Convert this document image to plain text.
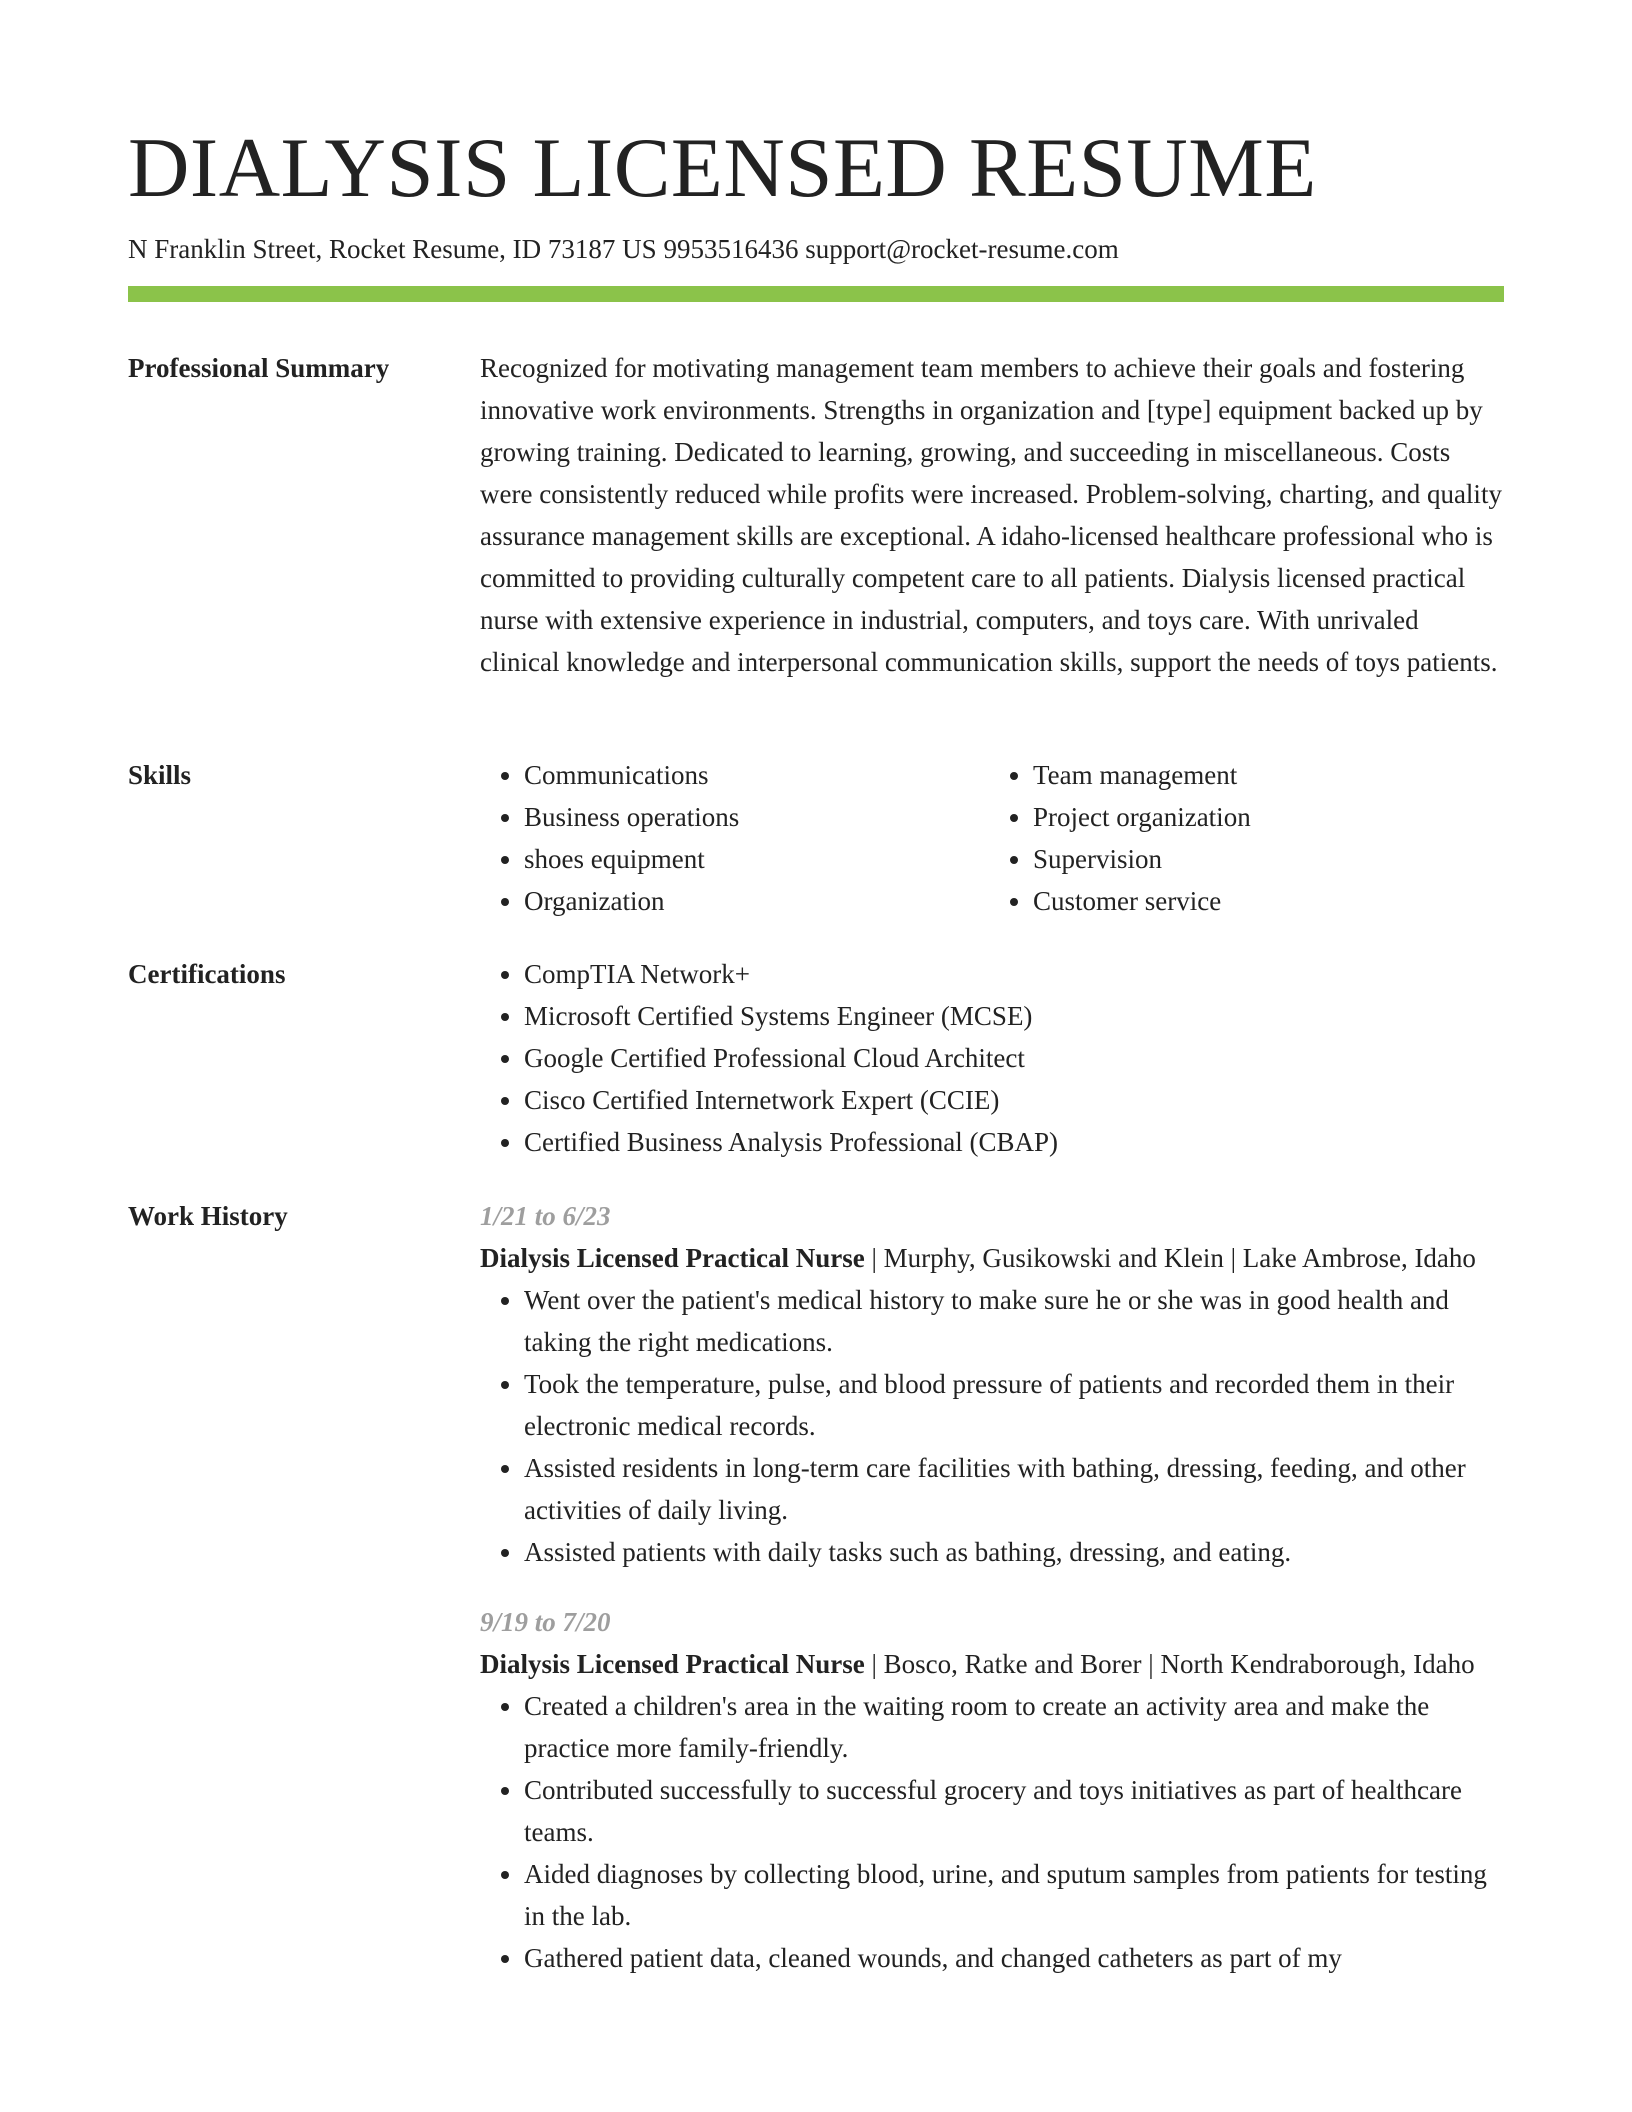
DIALYSIS LICENSED RESUME
N Franklin Street, Rocket Resume, ID 73187 US 9953516436 support@rocket-resume.com
Professional Summary	Recognized for motivating management team members to achieve their goals and fostering innovative work environments. Strengths in organization and [type] equipment backed up by growing training. Dedicated to learning, growing, and succeeding in miscellaneous. Costs were consistently reduced while profits were increased. Problem-solving, charting, and quality assurance management skills are exceptional. A idaho-licensed healthcare professional who is committed to providing culturally competent care to all patients. Dialysis licensed practical nurse with extensive experience in industrial, computers, and toys care. With unrivaled clinical knowledge and interpersonal communication skills, support the needs of toys patients.

Skills	• Communications
• Business operations
• shoes equipment
• Organization
• Team management
• Project organization
• Supervision
• Customer service
Certifications	• CompTIA Network+
• Microsoft Certified Systems Engineer (MCSE)
• Google Certified Professional Cloud Architect
• Cisco Certified Internetwork Expert (CCIE)
• Certified Business Analysis Professional (CBAP)
Work History	1/21 to 6/23
Dialysis Licensed Practical Nurse | Murphy, Gusikowski and Klein | Lake Ambrose, Idaho
• Went over the patient's medical history to make sure he or she was in good health and taking the right medications.
• Took the temperature, pulse, and blood pressure of patients and recorded them in their electronic medical records.
• Assisted residents in long-term care facilities with bathing, dressing, feeding, and other activities of daily living.
• Assisted patients with daily tasks such as bathing, dressing, and eating.
9/19 to 7/20
Dialysis Licensed Practical Nurse | Bosco, Ratke and Borer | North Kendraborough, Idaho
• Created a children's area in the waiting room to create an activity area and make the practice more family-friendly.
• Contributed successfully to successful grocery and toys initiatives as part of healthcare teams.
• Aided diagnoses by collecting blood, urine, and sputum samples from patients for testing in the lab.
• Gathered patient data, cleaned wounds, and changed catheters as part of my
